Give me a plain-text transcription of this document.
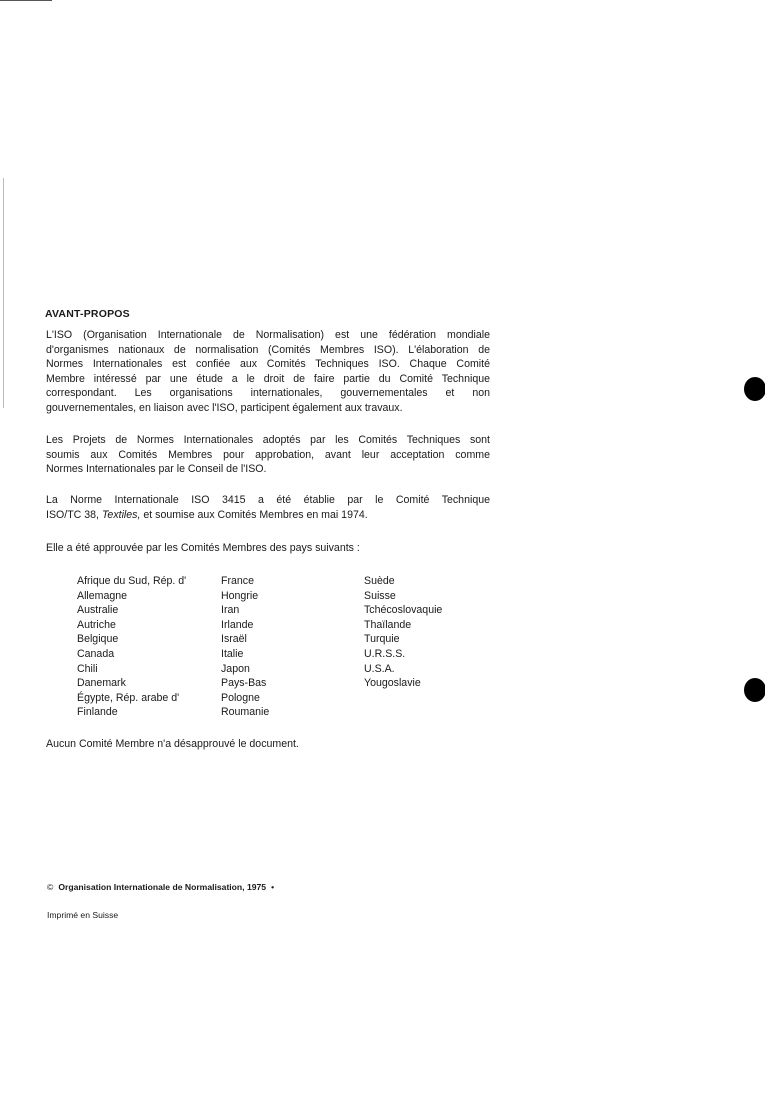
AVANT-PROPOS

L'ISO (Organisation Internationale de Normalisation) est une fédération mondiale
d'organismes nationaux de normalisation (Comités Membres ISO). L'élaboration de
Normes Internationales est confiée aux Comités Techniques ISO. Chaque Comité
Membre intéressé par une étude a le droit de faire partie du Comité Technique
correspondant. Les organisations internationales, gouvernementales et non
gouvernementales, en liaison avec l'ISO, participent également aux travaux.

Les Projets de Normes Internationales adoptés par les Comités Techniques sont
soumis aux Comités Membres pour approbation, avant leur acceptation comme
Normes Internationales par le Conseil de l'ISO.

La Norme Internationale ISO 3415 a été établie par le Comité Technique
ISO/TC 38, Textiles, et soumise aux Comités Membres en mai 1974.

Elle a été approuvée par les Comités Membres des pays suivants :

Afrique du Sud, Rép. d'
Allemagne
Australie
Autriche
Belgique
Canada
Chili
Danemark
Égypte, Rép. arabe d'
Finlande
France
Hongrie
Iran
Irlande
Israël
Italie
Japon
Pays-Bas
Pologne
Roumanie
Suède
Suisse
Tchécoslovaquie
Thaïlande
Turquie
U.R.S.S.
U.S.A.
Yougoslavie

Aucun Comité Membre n'a désapprouvé le document.

© Organisation Internationale de Normalisation, 1975 •
Imprimé en Suisse
